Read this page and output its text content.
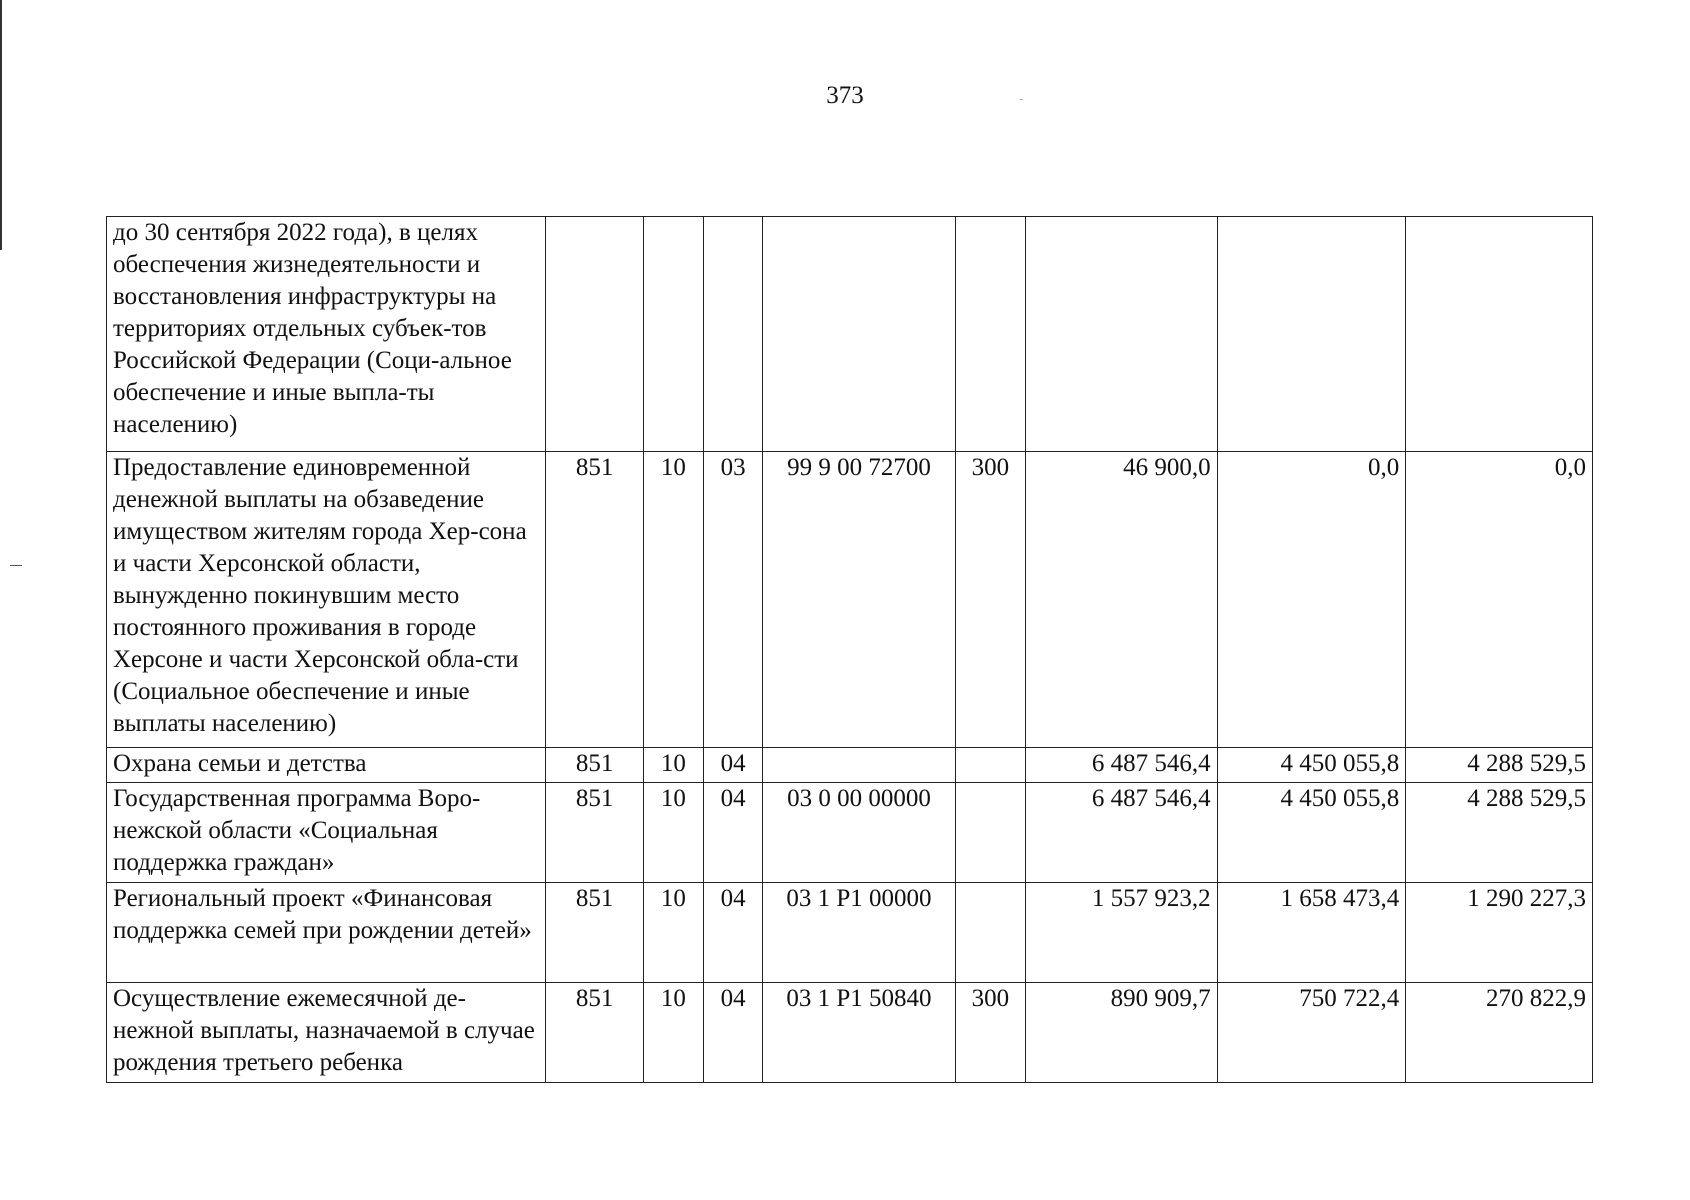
373
до 30 сентября 2022 года), в целях обеспечения жизнедеятельности и восстановления инфраструктуры на территориях отдельных субъек-тов Российской Федерации (Соци-альное обеспечение и иные выпла-ты населению)								
Предоставление единовременной денежной выплаты на обзаведение имуществом жителям города Хер-сона и части Херсонской области, вынужденно покинувшим место постоянного проживания в городе Херсоне и части Херсонской обла-сти (Социальное обеспечение и иные выплаты населению)	851	10	03	99 9 00 72700	300	46 900,0	0,0	0,0
Охрана семьи и детства	851	10	04			6 487 546,4	4 450 055,8	4 288 529,5
Государственная программа Воро-нежской области «Социальная поддержка граждан»	851	10	04	03 0 00 00000		6 487 546,4	4 450 055,8	4 288 529,5
Региональный проект «Финансовая поддержка семей при рождении детей»	851	10	04	03 1 Р1 00000		1 557 923,2	1 658 473,4	1 290 227,3
Осуществление ежемесячной де-нежной выплаты, назначаемой в случае рождения третьего ребенка	851	10	04	03 1 Р1 50840	300	890 909,7	750 722,4	270 822,9
